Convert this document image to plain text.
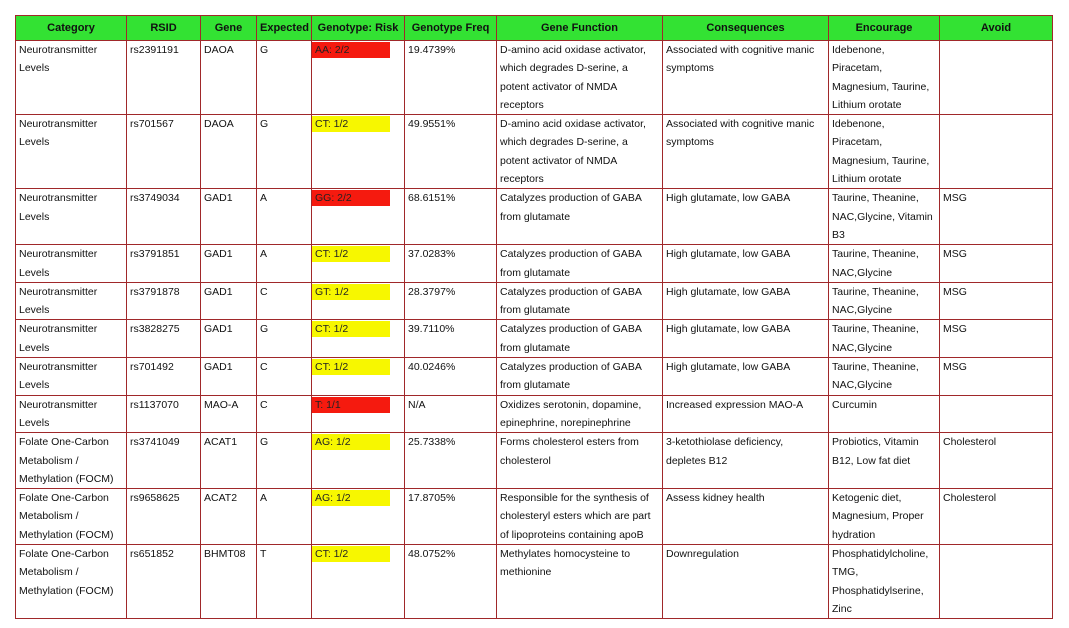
Category	RSID	Gene	Expected	Genotype: Risk	Genotype Freq	Gene Function	Consequences	Encourage	Avoid
Neurotransmitter Levels	rs2391191	DAOA	G	AA: 2/2	19.4739%	D-amino acid oxidase activator, which degrades D-serine, a potent activator of NMDA receptors	Associated with cognitive manic symptoms	Idebenone, Piracetam, Magnesium, Taurine, Lithium orotate	
Neurotransmitter Levels	rs701567	DAOA	G	CT: 1/2	49.9551%	D-amino acid oxidase activator, which degrades D-serine, a potent activator of NMDA receptors	Associated with cognitive manic symptoms	Idebenone, Piracetam, Magnesium, Taurine, Lithium orotate	
Neurotransmitter Levels	rs3749034	GAD1	A	GG: 2/2	68.6151%	Catalyzes production of GABA from glutamate	High glutamate, low GABA	Taurine, Theanine, NAC,Glycine, Vitamin B3	MSG
Neurotransmitter Levels	rs3791851	GAD1	A	CT: 1/2	37.0283%	Catalyzes production of GABA from glutamate	High glutamate, low GABA	Taurine, Theanine, NAC,Glycine	MSG
Neurotransmitter Levels	rs3791878	GAD1	C	GT: 1/2	28.3797%	Catalyzes production of GABA from glutamate	High glutamate, low GABA	Taurine, Theanine, NAC,Glycine	MSG
Neurotransmitter Levels	rs3828275	GAD1	G	CT: 1/2	39.7110%	Catalyzes production of GABA from glutamate	High glutamate, low GABA	Taurine, Theanine, NAC,Glycine	MSG
Neurotransmitter Levels	rs701492	GAD1	C	CT: 1/2	40.0246%	Catalyzes production of GABA from glutamate	High glutamate, low GABA	Taurine, Theanine, NAC,Glycine	MSG
Neurotransmitter Levels	rs1137070	MAO-A	C	T: 1/1	N/A	Oxidizes serotonin, dopamine, epinephrine, norepinephrine	Increased expression MAO-A	Curcumin	
Folate One-Carbon Metabolism / Methylation (FOCM)	rs3741049	ACAT1	G	AG: 1/2	25.7338%	Forms cholesterol esters from cholesterol	3-ketothiolase deficiency, depletes B12	Probiotics, Vitamin B12, Low fat diet	Cholesterol
Folate One-Carbon Metabolism / Methylation (FOCM)	rs9658625	ACAT2	A	AG: 1/2	17.8705%	Responsible for the synthesis of cholesteryl esters which are part of lipoproteins containing apoB	Assess kidney health	Ketogenic diet, Magnesium, Proper hydration	Cholesterol
Folate One-Carbon Metabolism / Methylation (FOCM)	rs651852	BHMT08	T	CT: 1/2	48.0752%	Methylates homocysteine to methionine	Downregulation	Phosphatidylcholine, TMG, Phosphatidylserine, Zinc	
